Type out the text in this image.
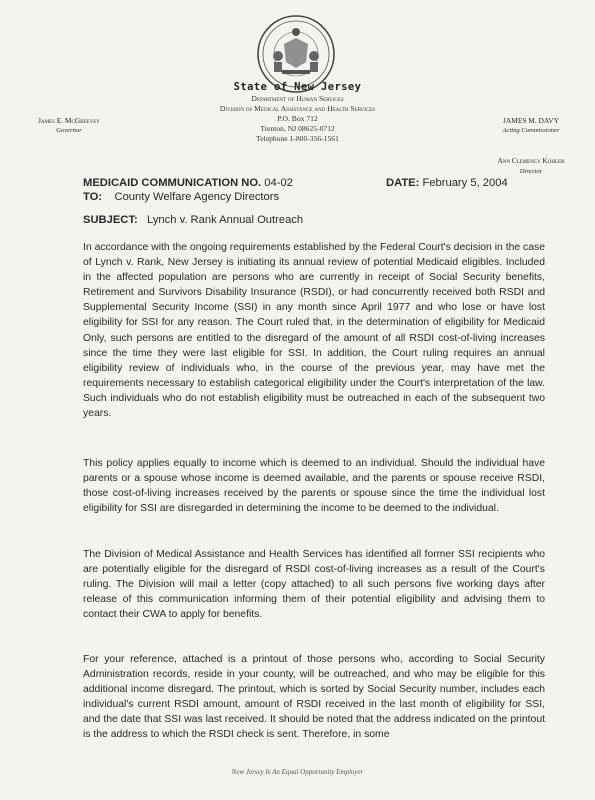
State of New Jersey
Department of Human Services
Division of Medical Assistance and Health Services
P.O. Box 712
Trenton, NJ 08625-0712
Telephone 1-800-356-1561
James E. McGreevey
Governor
JAMES M. DAVY
Acting Commissioner
Ann Clemency Kohler
Director
MEDICAID COMMUNICATION NO. 04-02	DATE: February 5, 2004
TO: County Welfare Agency Directors
SUBJECT: Lynch v. Rank Annual Outreach

In accordance with the ongoing requirements established by the Federal Court's decision in the case of Lynch v. Rank, New Jersey is initiating its annual review of potential Medicaid eligibles. Included in the affected population are persons who are currently in receipt of Social Security benefits, Retirement and Survivors Disability Insurance (RSDI), or had concurrently received both RSDI and Supplemental Security Income (SSI) in any month since April 1977 and who lose or have lost eligibility for SSI for any reason. The Court ruled that, in the determination of eligibility for Medicaid Only, such persons are entitled to the disregard of the amount of all RSDI cost-of-living increases since the time they were last eligible for SSI. In addition, the Court ruling requires an annual eligibility review of individuals who, in the course of the previous year, may have met the requirements necessary to establish categorical eligibility under the Court's interpretation of the law. Such individuals who do not establish eligibility must be outreached in each of the subsequent two years.

This policy applies equally to income which is deemed to an individual. Should the individual have parents or a spouse whose income is deemed available, and the parents or spouse receive RSDI, those cost-of-living increases received by the parents or spouse since the time the individual lost eligibility for SSI are disregarded in determining the income to be deemed to the individual.

The Division of Medical Assistance and Health Services has identified all former SSI recipients who are potentially eligible for the disregard of RSDI cost-of-living increases as a result of the Court's ruling. The Division will mail a letter (copy attached) to all such persons five working days after release of this communication informing them of their potential eligibility and advising them to contact their CWA to apply for benefits.

For your reference, attached is a printout of those persons who, according to Social Security Administration records, reside in your county, will be outreached, and who may be eligible for this additional income disregard. The printout, which is sorted by Social Security number, includes each individual's current RSDI amount, amount of RSDI received in the last month of eligibility for SSI, and the date that SSI was last received. It should be noted that the address indicated on the printout is the address to which the RSDI check is sent. Therefore, in some

New Jersey Is An Equal Opportunity Employer
